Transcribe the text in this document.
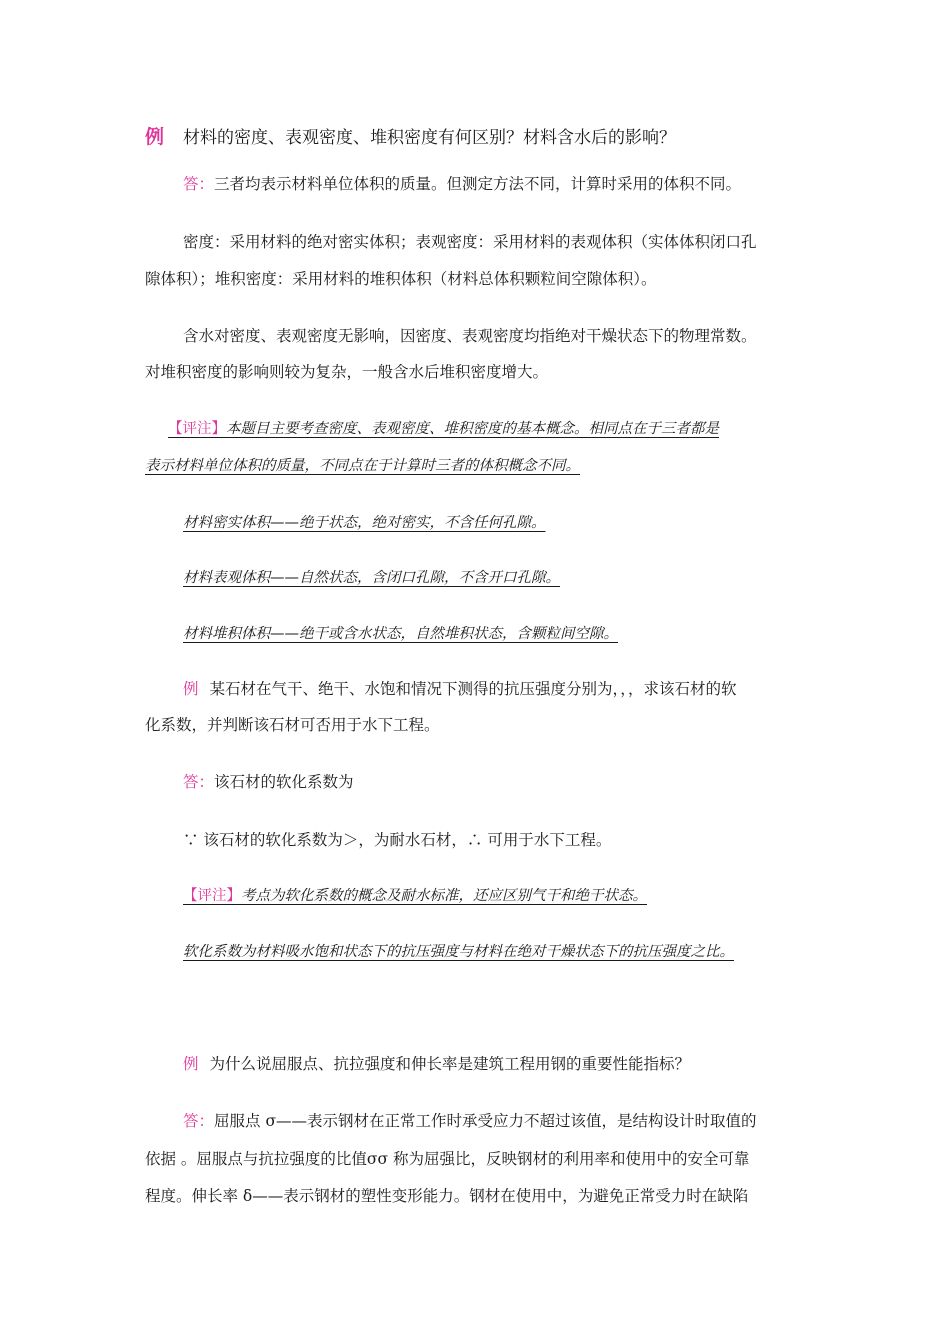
例 材料的密度、表观密度、堆积密度有何区别？材料含水后的影响？
答：三者均表示材料单位体积的质量。但测定方法不同，计算时采用的体积不同。
密度：采用材料的绝对密实体积；表观密度：采用材料的表观体积（实体体积闭口孔
隙体积）；堆积密度：采用材料的堆积体积（材料总体积颗粒间空隙体积）。
含水对密度、表观密度无影响，因密度、表观密度均指绝对干燥状态下的物理常数。
对堆积密度的影响则较为复杂，一般含水后堆积密度增大。
【评注】本题目主要考查密度、表观密度、堆积密度的基本概念。相同点在于三者都是
表示材料单位体积的质量，不同点在于计算时三者的体积概念不同。
材料密实体积——绝于状态，绝对密实，不含任何孔隙。
材料表观体积——自然状态，含闭口孔隙，不含开口孔隙。
材料堆积体积——绝干或含水状态，自然堆积状态，含颗粒间空隙。
例 某石材在气干、绝干、水饱和情况下测得的抗压强度分别为，，，求该石材的软
化系数，并判断该石材可否用于水下工程。
答：该石材的软化系数为
∵ 该石材的软化系数为＞，为耐水石材，∴ 可用于水下工程。
【评注】考点为软化系数的概念及耐水标准，还应区别气干和绝干状态。
软化系数为材料吸水饱和状态下的抗压强度与材料在绝对干燥状态下的抗压强度之比。
例 为什么说屈服点、抗拉强度和伸长率是建筑工程用钢的重要性能指标？
答：屈服点 σ——表示钢材在正常工作时承受应力不超过该值，是结构设计时取值的
依据 。屈服点与抗拉强度的比值σσ 称为屈强比，反映钢材的利用率和使用中的安全可靠
程度。伸长率 δ——表示钢材的塑性变形能力。钢材在使用中，为避免正常受力时在缺陷
